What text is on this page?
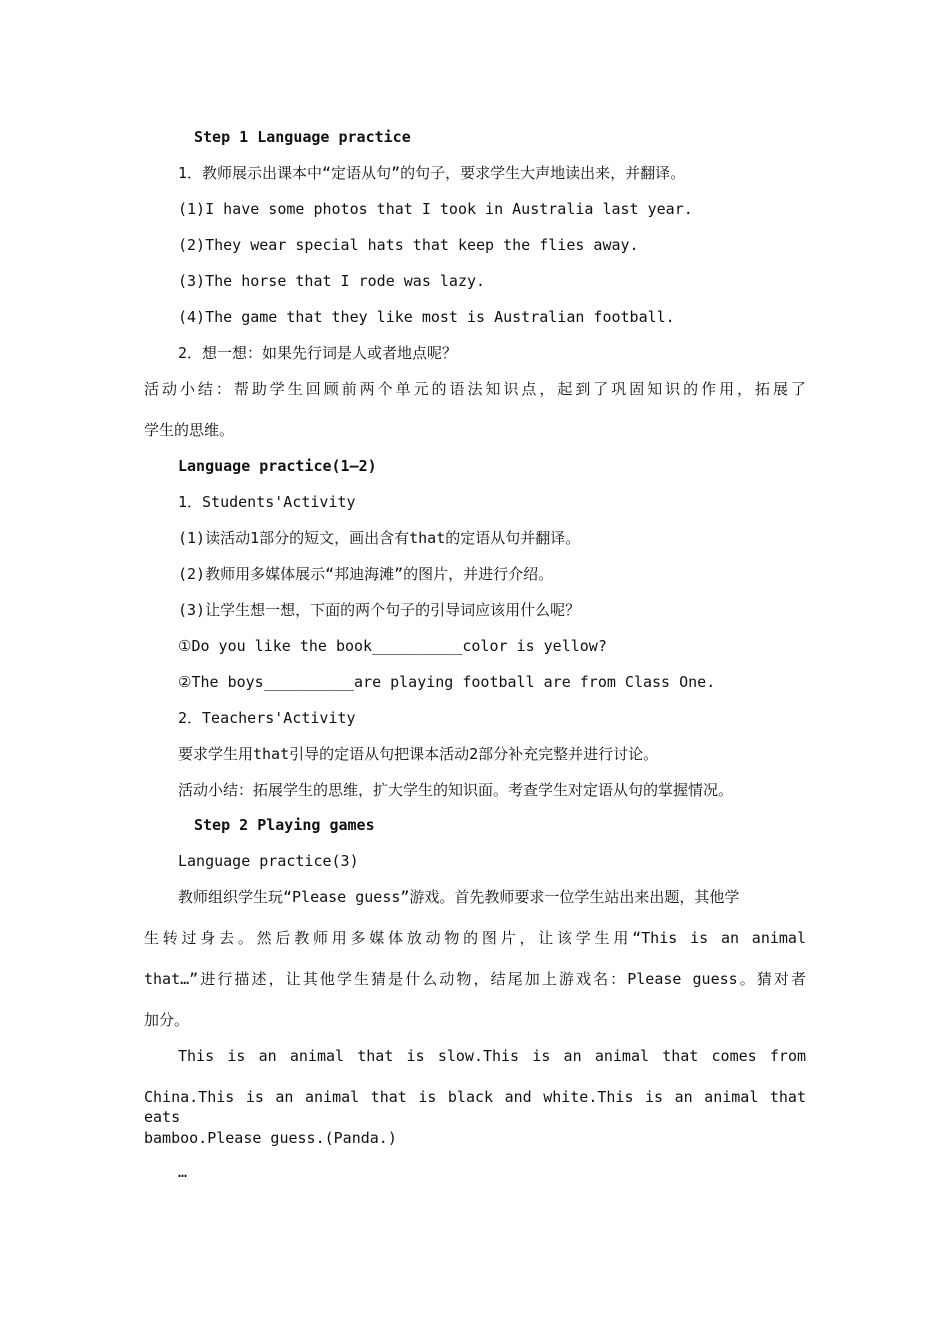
Step 1 Language practice
1．教师展示出课本中“定语从句”的句子，要求学生大声地读出来，并翻译。
(1)I have some photos that I took in Australia last year.
(2)They wear special hats that keep the flies away.
(3)The horse that I rode was lazy.
(4)The game that they like most is Australian football.
2．想一想：如果先行词是人或者地点呢？
活动小结：帮助学生回顾前两个单元的语法知识点，起到了巩固知识的作用，拓展了
学生的思维。
Language practice(1—2)
1．Students'Activity
(1)读活动1部分的短文，画出含有that的定语从句并翻译。
(2)教师用多媒体展示“邦迪海滩”的图片，并进行介绍。
(3)让学生想一想，下面的两个句子的引导词应该用什么呢？
①Do you like the book__________color is yellow?
②The boys__________are playing football are from Class One.
2．Teachers'Activity
要求学生用that引导的定语从句把课本活动2部分补充完整并进行讨论。
活动小结：拓展学生的思维，扩大学生的知识面。考查学生对定语从句的掌握情况。
Step 2 Playing games
Language practice(3)
教师组织学生玩“Please guess”游戏。首先教师要求一位学生站出来出题，其他学
生转过身去。然后教师用多媒体放动物的图片，让该学生用“This is an animal
that…”进行描述，让其他学生猜是什么动物，结尾加上游戏名：Please guess。猜对者
加分。
This is an animal that is slow.This is an animal that comes from
China.This is an animal that is black and white.This is an animal that eats
bamboo.Please guess.(Panda.)
…
